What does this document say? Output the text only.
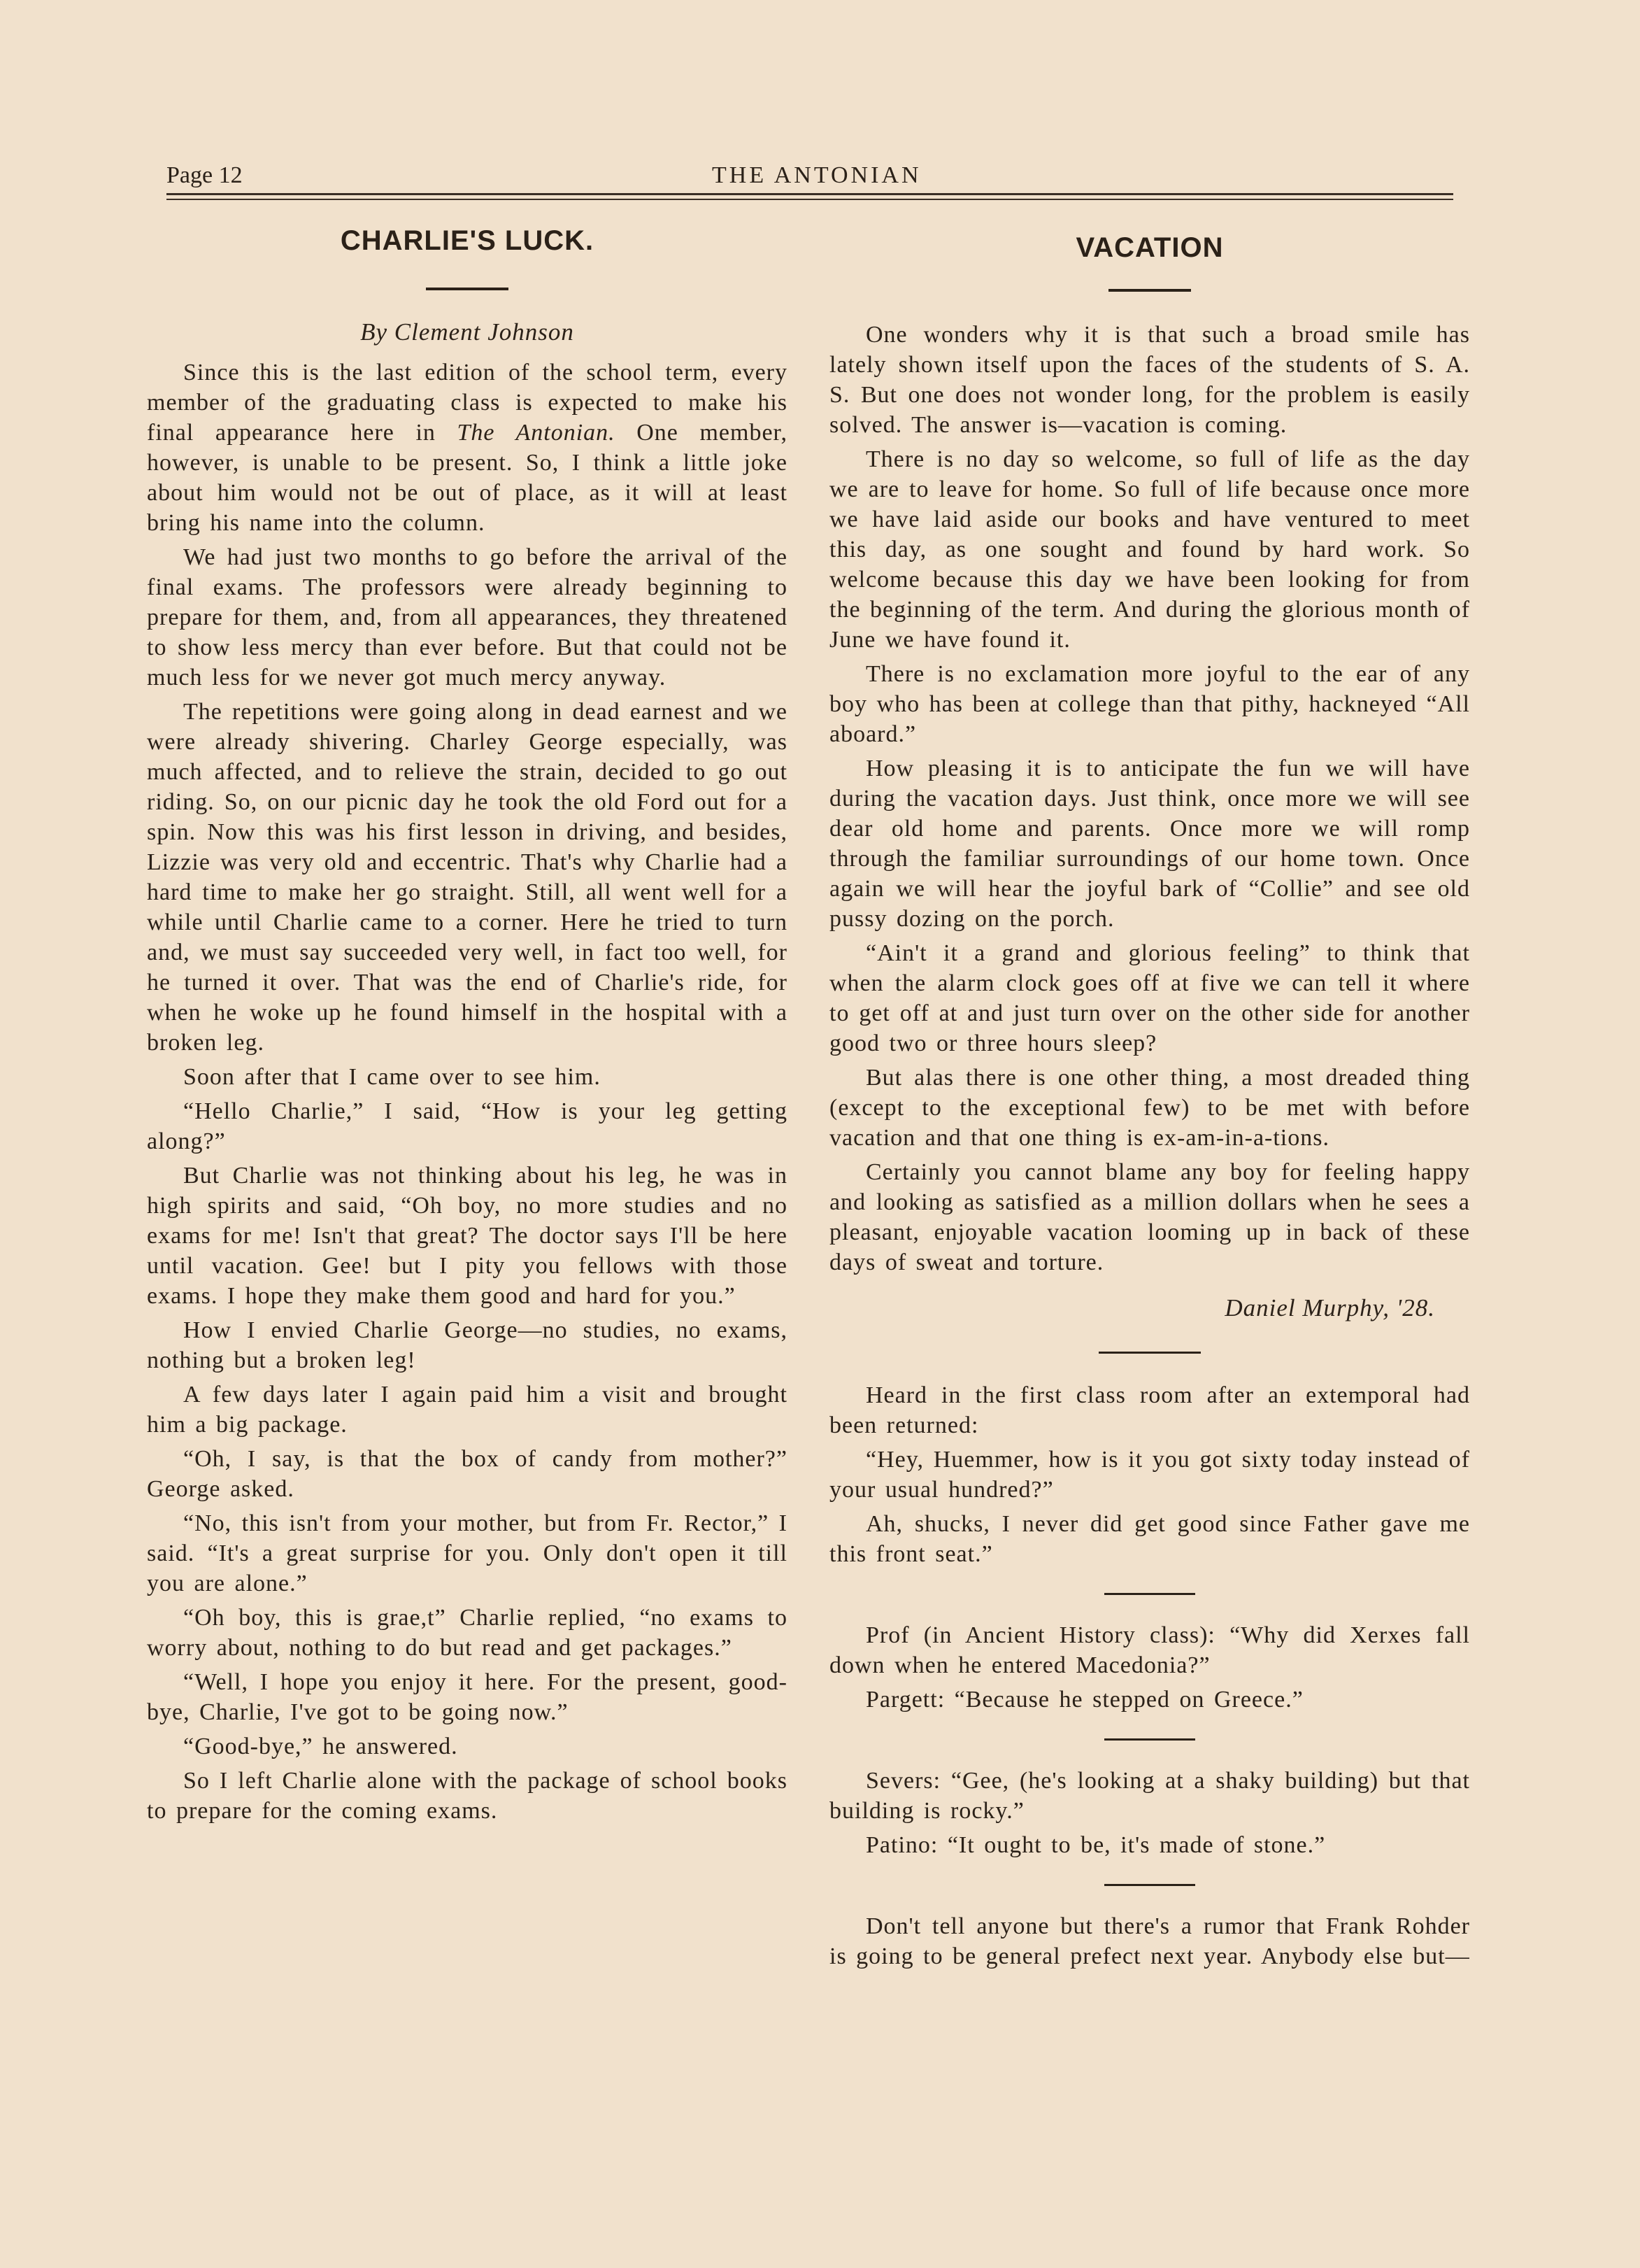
Page 12	THE ANTONIAN
CHARLIE'S LUCK.

By Clement Johnson

Since this is the last edition of the school term, every member of the graduating class is expected to make his final appearance here in The Antonian. One member, however, is unable to be present. So, I think a little joke about him would not be out of place, as it will at least bring his name into the column.

We had just two months to go before the arrival of the final exams. The professors were already beginning to prepare for them, and, from all appearances, they threatened to show less mercy than ever before. But that could not be much less for we never got much mercy anyway.

The repetitions were going along in dead earnest and we were already shivering. Charley George especially, was much affected, and to relieve the strain, decided to go out riding. So, on our picnic day he took the old Ford out for a spin. Now this was his first lesson in driving, and besides, Lizzie was very old and eccentric. That's why Charlie had a hard time to make her go straight. Still, all went well for a while until Charlie came to a corner. Here he tried to turn and, we must say succeeded very well, in fact too well, for he turned it over. That was the end of Charlie's ride, for when he woke up he found himself in the hospital with a broken leg.

Soon after that I came over to see him.

“Hello Charlie,” I said, “How is your leg getting along?”

But Charlie was not thinking about his leg, he was in high spirits and said, “Oh boy, no more studies and no exams for me! Isn't that great? The doctor says I'll be here until vacation. Gee! but I pity you fellows with those exams. I hope they make them good and hard for you.”

How I envied Charlie George—no studies, no exams, nothing but a broken leg!

A few days later I again paid him a visit and brought him a big package.

“Oh, I say, is that the box of candy from mother?” George asked.

“No, this isn't from your mother, but from Fr. Rector,” I said. “It's a great surprise for you. Only don't open it till you are alone.”

“Oh boy, this is grae,t” Charlie replied, “no exams to worry about, nothing to do but read and get packages.”

“Well, I hope you enjoy it here. For the present, good-bye, Charlie, I've got to be going now.”

“Good-bye,” he answered.

So I left Charlie alone with the package of school books to prepare for the coming exams.

VACATION

One wonders why it is that such a broad smile has lately shown itself upon the faces of the students of S. A. S. But one does not wonder long, for the problem is easily solved. The answer is—vacation is coming.

There is no day so welcome, so full of life as the day we are to leave for home. So full of life because once more we have laid aside our books and have ventured to meet this day, as one sought and found by hard work. So welcome because this day we have been looking for from the beginning of the term. And during the glorious month of June we have found it.

There is no exclamation more joyful to the ear of any boy who has been at college than that pithy, hackneyed “All aboard.”

How pleasing it is to anticipate the fun we will have during the vacation days. Just think, once more we will see dear old home and parents. Once more we will romp through the familiar surroundings of our home town. Once again we will hear the joyful bark of “Collie” and see old pussy dozing on the porch.

“Ain't it a grand and glorious feeling” to think that when the alarm clock goes off at five we can tell it where to get off at and just turn over on the other side for another good two or three hours sleep?

But alas there is one other thing, a most dreaded thing (except to the exceptional few) to be met with before vacation and that one thing is ex-am-in-a-tions.

Certainly you cannot blame any boy for feeling happy and looking as satisfied as a million dollars when he sees a pleasant, enjoyable vacation looming up in back of these days of sweat and torture.

Daniel Murphy, '28.

Heard in the first class room after an extemporal had been returned:

“Hey, Huemmer, how is it you got sixty today instead of your usual hundred?”

Ah, shucks, I never did get good since Father gave me this front seat.”

Prof (in Ancient History class): “Why did Xerxes fall down when he entered Macedonia?”

Pargett: “Because he stepped on Greece.”

Severs: “Gee, (he's looking at a shaky building) but that building is rocky.”

Patino: “It ought to be, it's made of stone.”

Don't tell anyone but there's a rumor that Frank Rohder is going to be general prefect next year. Anybody else but—
